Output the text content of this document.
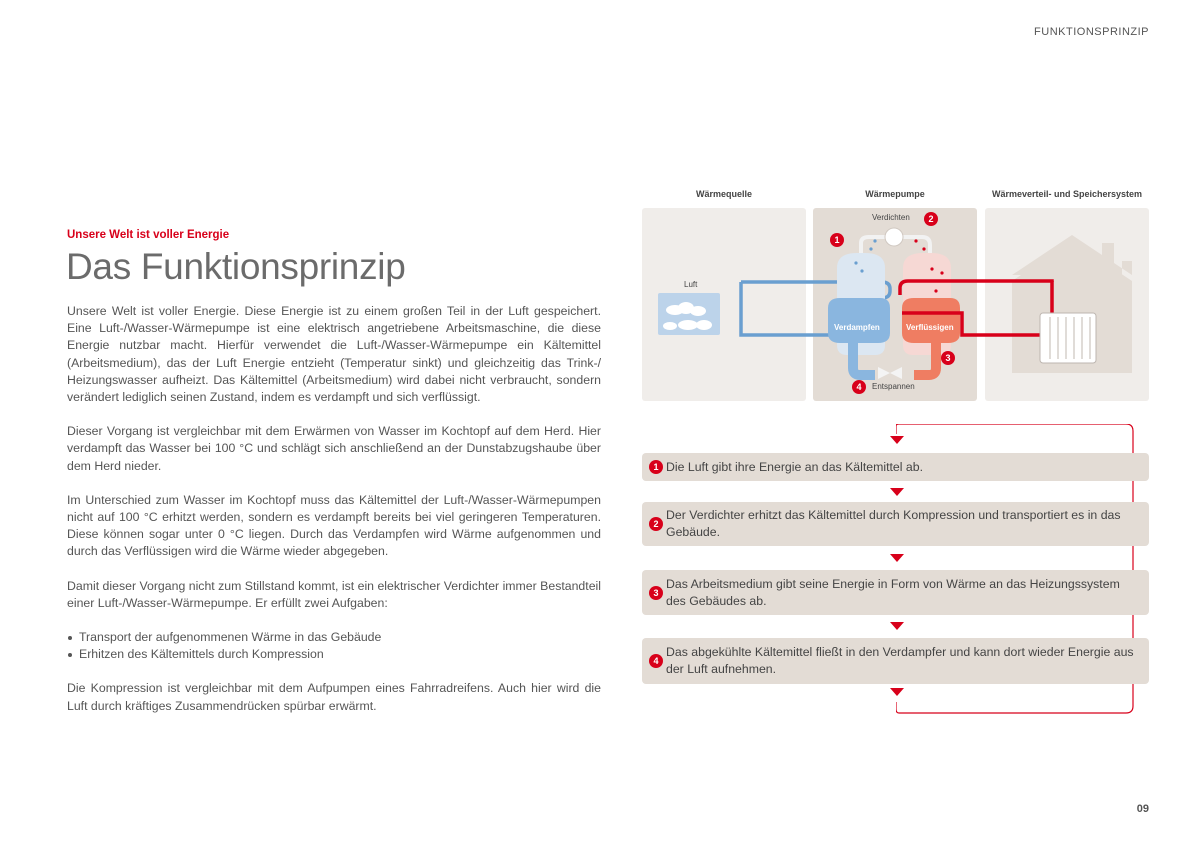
FUNKTIONSPRINZIP
Unsere Welt ist voller Energie
Das Funktionsprinzip

Unsere Welt ist voller Energie. Diese Energie ist zu einem großen Teil in der Luft gespeichert. Eine Luft-/Wasser-Wärmepumpe ist eine elektrisch angetriebene Arbeitsmaschine, die diese Energie nutzbar macht. Hierfür verwendet die Luft-/Wasser-Wärmepumpe ein Kältemittel (Arbeitsmedium), das der Luft Energie entzieht (Temperatur sinkt) und gleichzeitig das Trink-/ Heizungswasser aufheizt. Das Kältemittel (Arbeitsmedium) wird dabei nicht verbraucht, sondern verändert lediglich seinen Zustand, indem es verdampft und sich verflüssigt.

Dieser Vorgang ist vergleichbar mit dem Erwärmen von Wasser im Kochtopf auf dem Herd. Hier verdampft das Wasser bei 100 °C und schlägt sich anschließend an der Dunstabzugshaube über dem Herd nieder.

Im Unterschied zum Wasser im Kochtopf muss das Kältemittel der Luft-/Wasser-Wärmepumpen nicht auf 100 °C erhitzt werden, sondern es verdampft bereits bei viel geringeren Temperaturen. Diese können sogar unter 0 °C liegen. Durch das Verdampfen wird Wärme aufgenommen und durch das Verflüssigen wird die Wärme wieder abgegeben.

Damit dieser Vorgang nicht zum Stillstand kommt, ist ein elektrischer Verdichter immer Bestandteil einer Luft-/Wasser-Wärmepumpe. Er erfüllt zwei Aufgaben:

Transport der aufgenommenen Wärme in das Gebäude
Erhitzen des Kältemittels durch Kompression

Die Kompression ist vergleichbar mit dem Aufpumpen eines Fahrradreifens. Auch hier wird die Luft durch kräftiges Zusammendrücken spürbar erwärmt.

Wärmequelle	Wärmepumpe	Wärmeverteil- und Speichersystem
Luft
Verdichten
Verdampfen	Verflüssigen
Entspannen
1
2
3
4
1 Die Luft gibt ihre Energie an das Kältemittel ab.
2
Der Verdichter erhitzt das Kältemittel durch Kompression und transportiert es in das Gebäude.
3
Das Arbeitsmedium gibt seine Energie in Form von Wärme an das Heizungssystem des Gebäudes ab.
4
Das abgekühlte Kältemittel fließt in den Verdampfer und kann dort wieder Energie aus der Luft aufnehmen.
09
